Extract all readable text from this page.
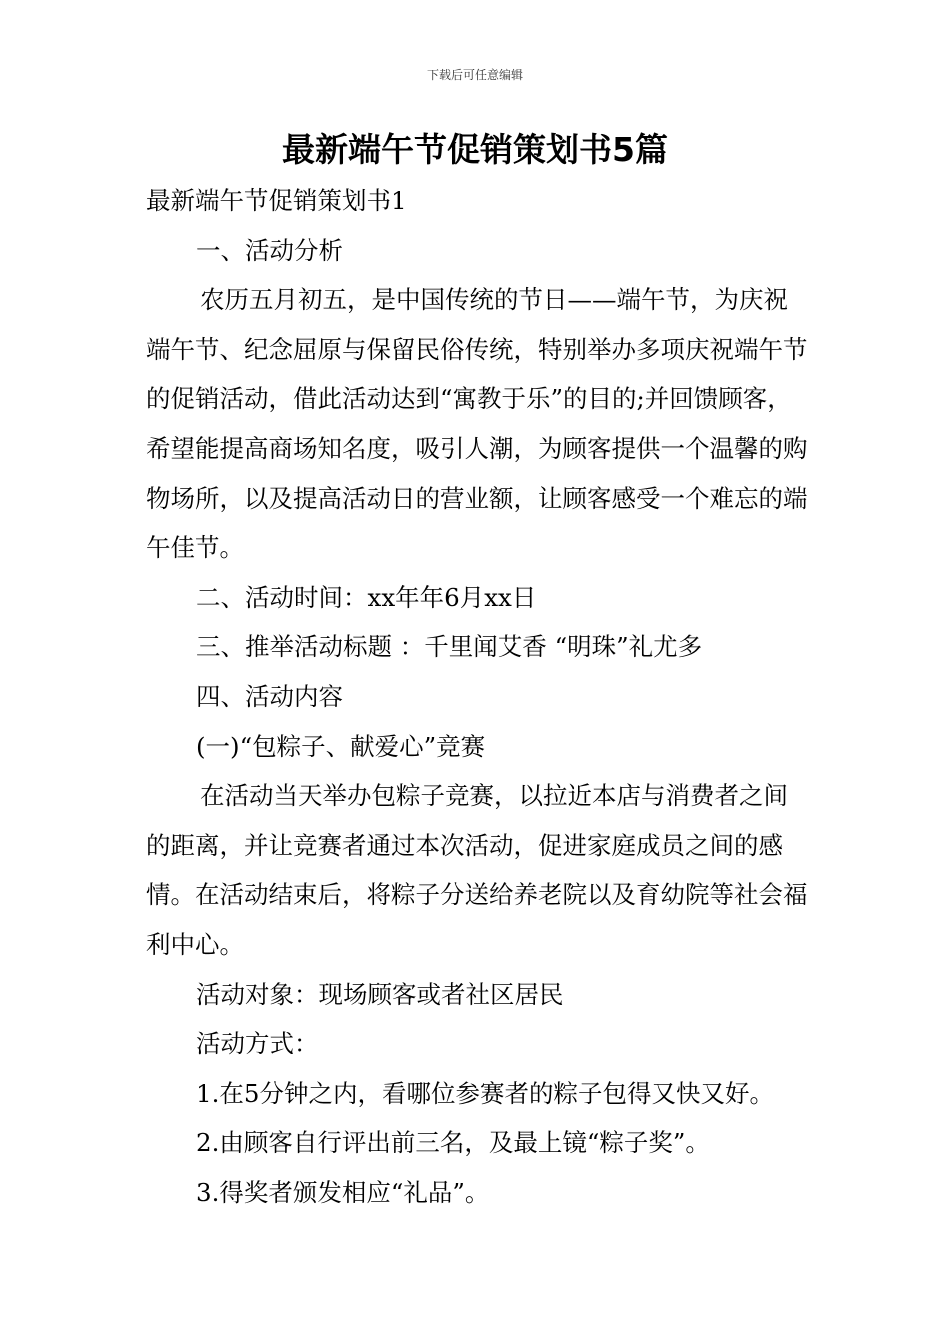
下载后可任意编辑
最新端午节促销策划书5篇

最新端午节促销策划书1

一、活动分析

农历五月初五，是中国传统的节日——端午节，为庆祝端午节、纪念屈原与保留民俗传统，特别举办多项庆祝端午节的促销活动，借此活动达到“寓教于乐”的目的;并回馈顾客，希望能提高商场知名度，吸引人潮，为顾客提供一个温馨的购物场所，以及提高活动日的营业额，让顾客感受一个难忘的端午佳节。

二、活动时间：xx年年6月xx日

三、推举活动标题 ：千里闻艾香 “明珠”礼尤多

四、活动内容

(一)“包粽子、献爱心”竞赛

在活动当天举办包粽子竞赛，以拉近本店与消费者之间的距离，并让竞赛者通过本次活动，促进家庭成员之间的感情。在活动结束后，将粽子分送给养老院以及育幼院等社会福利中心。

活动对象：现场顾客或者社区居民

活动方式：

1.在5分钟之内，看哪位参赛者的粽子包得又快又好。

2.由顾客自行评出前三名，及最上镜“粽子奖”。

3.得奖者颁发相应“礼品”。
